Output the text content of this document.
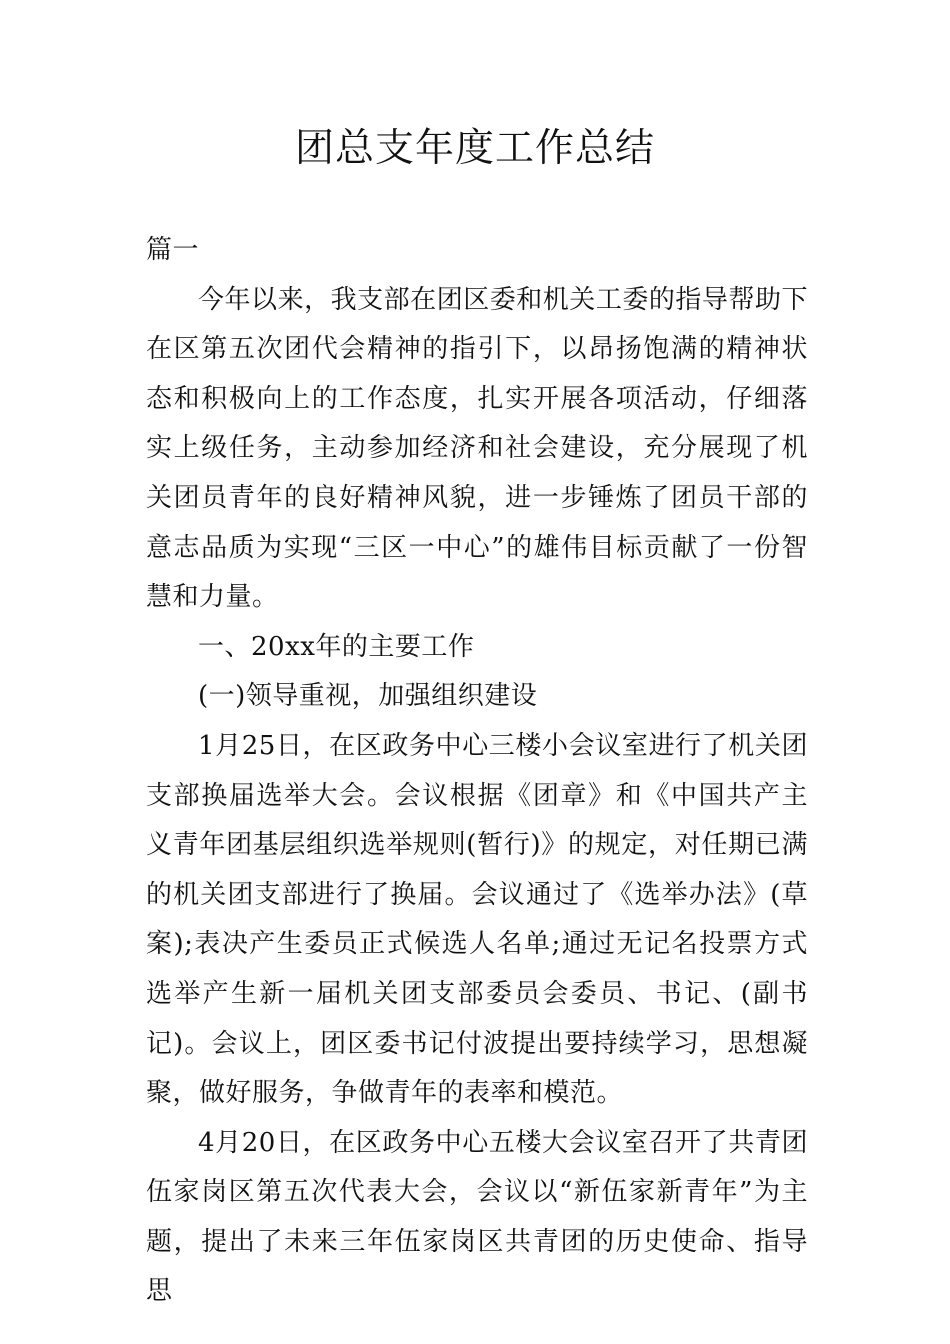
团总支年度工作总结

篇一

今年以来，我支部在团区委和机关工委的指导帮助下在区第五次团代会精神的指引下，以昂扬饱满的精神状态和积极向上的工作态度，扎实开展各项活动，仔细落实上级任务，主动参加经济和社会建设，充分展现了机关团员青年的良好精神风貌，进一步锤炼了团员干部的意志品质为实现“三区一中心”的雄伟目标贡献了一份智慧和力量。

一、20xx年的主要工作

(一)领导重视，加强组织建设

1月25日，在区政务中心三楼小会议室进行了机关团支部换届选举大会。会议根据《团章》和《中国共产主义青年团基层组织选举规则(暂行)》的规定，对任期已满的机关团支部进行了换届。会议通过了《选举办法》(草案);表决产生委员正式候选人名单;通过无记名投票方式选举产生新一届机关团支部委员会委员、书记、(副书记)。会议上，团区委书记付波提出要持续学习，思想凝聚，做好服务，争做青年的表率和模范。

4月20日，在区政务中心五楼大会议室召开了共青团伍家岗区第五次代表大会，会议以“新伍家新青年”为主题，提出了未来三年伍家岗区共青团的历史使命、指导思
